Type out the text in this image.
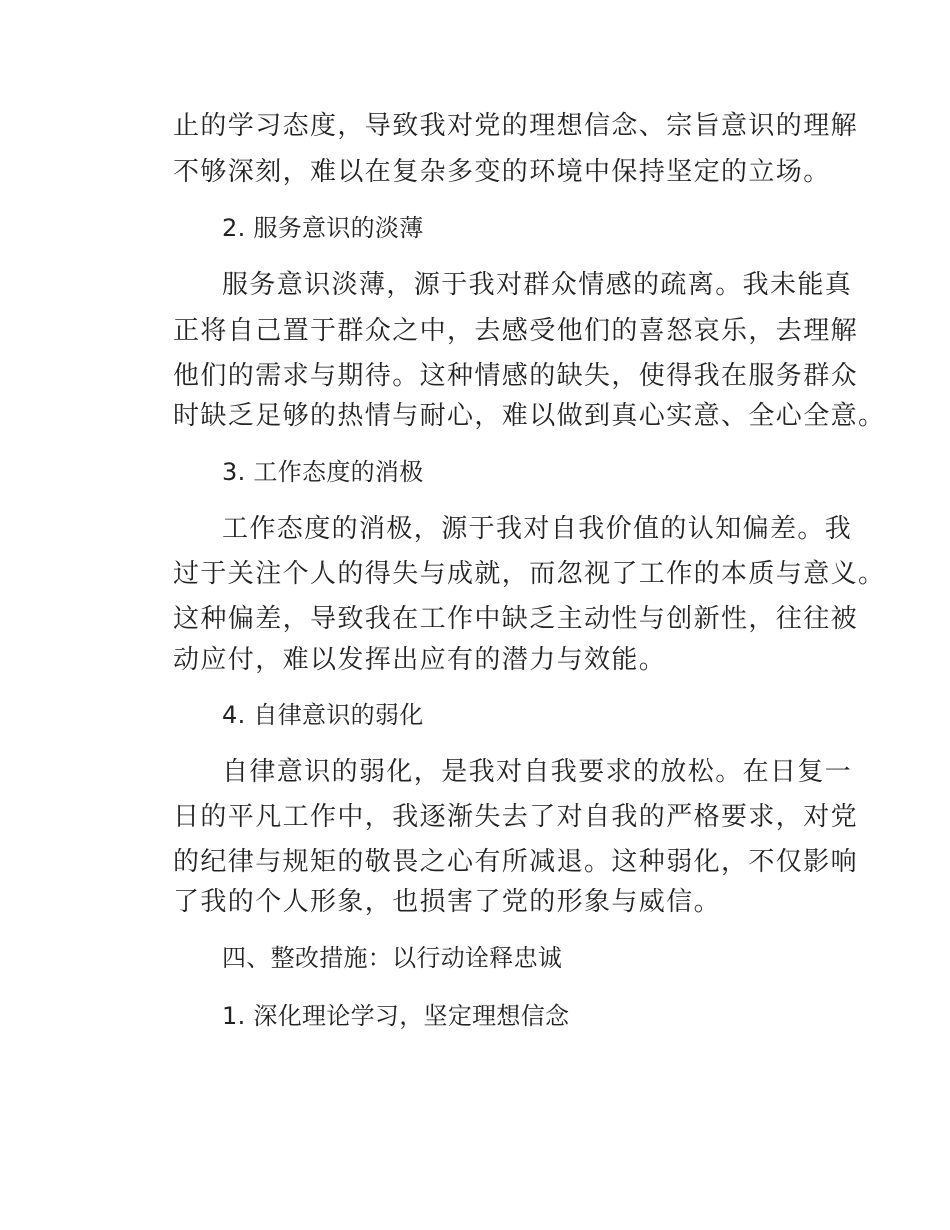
止的学习态度，导致我对党的理想信念、宗旨意识的理解
不够深刻，难以在复杂多变的环境中保持坚定的立场。
2. 服务意识的淡薄
服务意识淡薄，源于我对群众情感的疏离。我未能真
正将自己置于群众之中，去感受他们的喜怒哀乐，去理解
他们的需求与期待。这种情感的缺失，使得我在服务群众
时缺乏足够的热情与耐心，难以做到真心实意、全心全意。
3. 工作态度的消极
工作态度的消极，源于我对自我价值的认知偏差。我
过于关注个人的得失与成就，而忽视了工作的本质与意义。
这种偏差，导致我在工作中缺乏主动性与创新性，往往被
动应付，难以发挥出应有的潜力与效能。
4. 自律意识的弱化
自律意识的弱化，是我对自我要求的放松。在日复一
日的平凡工作中，我逐渐失去了对自我的严格要求，对党
的纪律与规矩的敬畏之心有所减退。这种弱化，不仅影响
了我的个人形象，也损害了党的形象与威信。
四、整改措施：以行动诠释忠诚
1. 深化理论学习，坚定理想信念
